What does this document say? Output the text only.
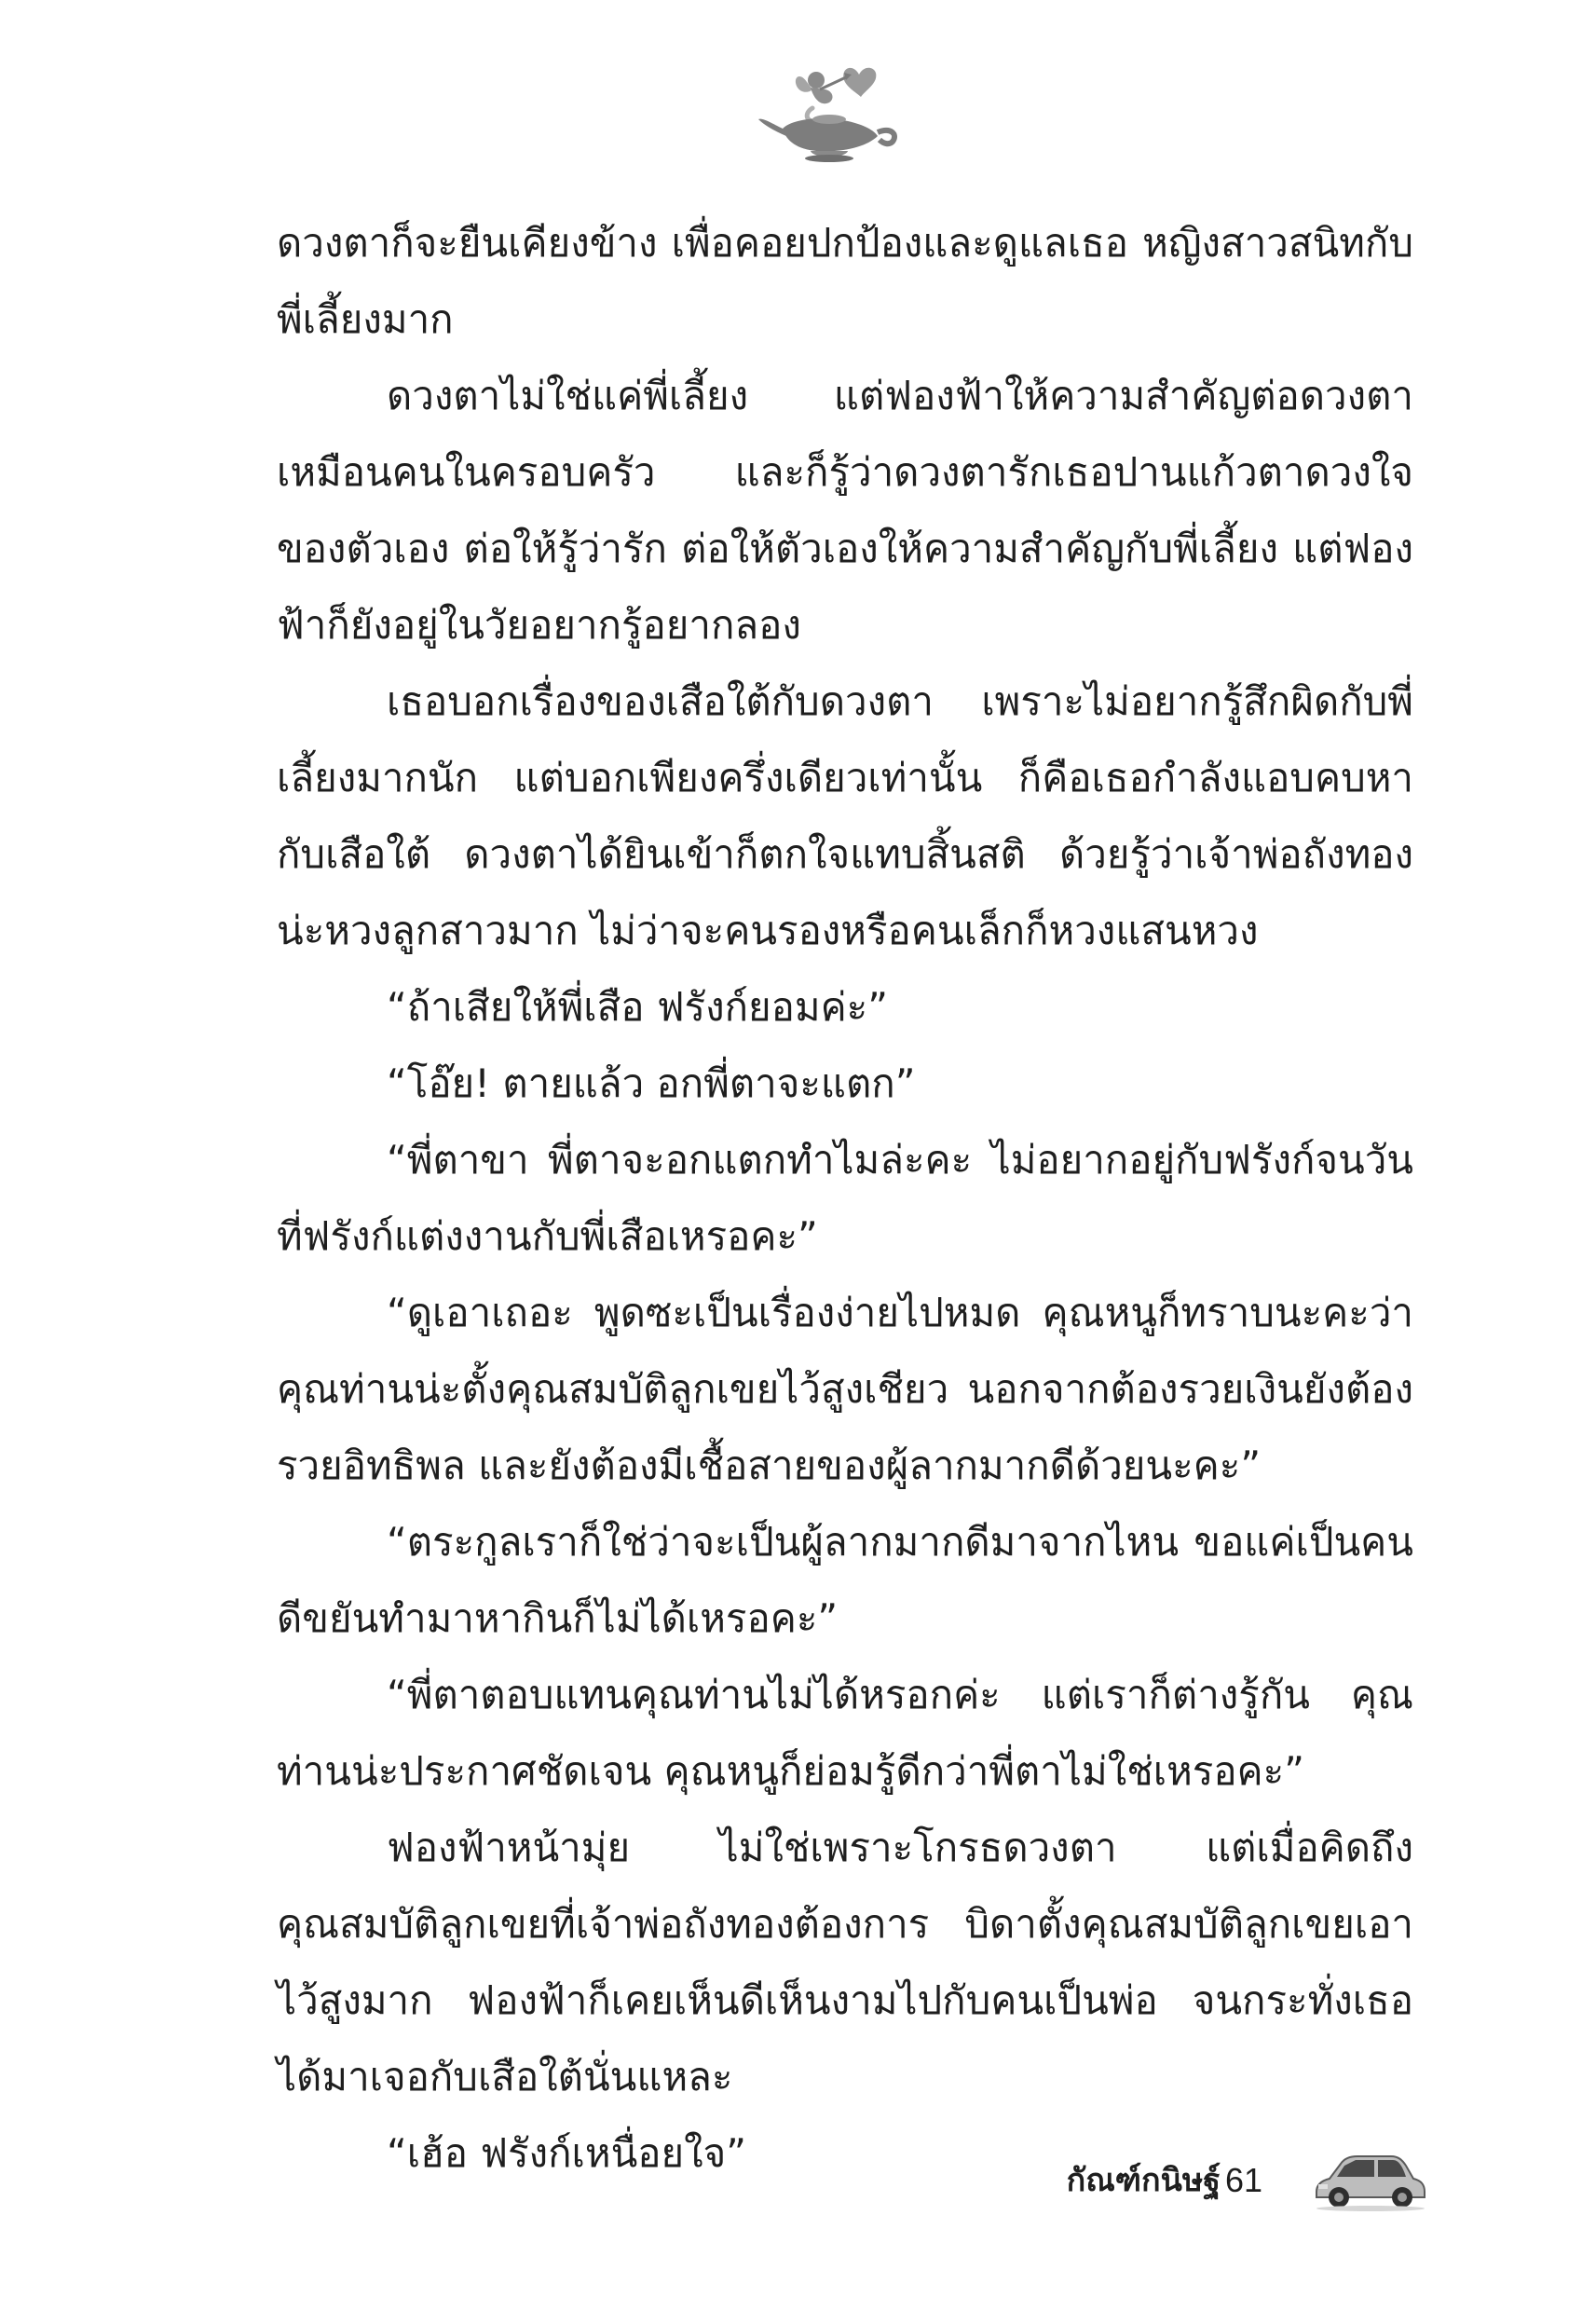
ดวงตาก็จะยืนเคียงข้าง เพื่อคอยปกป้องและดูแลเธอ หญิงสาวสนิทกับพี่เลี้ยงมาก

ดวงตาไม่ใช่แค่พี่เลี้ยง แต่ฟองฟ้าให้ความสำคัญต่อดวงตาเหมือนคนในครอบครัว และก็รู้ว่าดวงตารักเธอปานแก้วตาดวงใจของตัวเอง ต่อให้รู้ว่ารัก ต่อให้ตัวเองให้ความสำคัญกับพี่เลี้ยง แต่ฟองฟ้าก็ยังอยู่ในวัยอยากรู้อยากลอง

เธอบอกเรื่องของเสือใต้กับดวงตา เพราะไม่อยากรู้สึกผิดกับพี่เลี้ยงมากนัก แต่บอกเพียงครึ่งเดียวเท่านั้น ก็คือเธอกำลังแอบคบหากับเสือใต้ ดวงตาได้ยินเข้าก็ตกใจแทบสิ้นสติ ด้วยรู้ว่าเจ้าพ่อถังทองน่ะหวงลูกสาวมาก ไม่ว่าจะคนรองหรือคนเล็กก็หวงแสนหวง

“ถ้าเสียให้พี่เสือ ฟรังก์ยอมค่ะ”

“โอ๊ย! ตายแล้ว อกพี่ตาจะแตก”

“พี่ตาขา พี่ตาจะอกแตกทำไมล่ะคะ ไม่อยากอยู่กับฟรังก์จนวันที่ฟรังก์แต่งงานกับพี่เสือเหรอคะ”

“ดูเอาเถอะ พูดซะเป็นเรื่องง่ายไปหมด คุณหนูก็ทราบนะคะว่าคุณท่านน่ะตั้งคุณสมบัติลูกเขยไว้สูงเชียว นอกจากต้องรวยเงินยังต้องรวยอิทธิพล และยังต้องมีเชื้อสายของผู้ลากมากดีด้วยนะคะ”

“ตระกูลเราก็ใช่ว่าจะเป็นผู้ลากมากดีมาจากไหน ขอแค่เป็นคนดีขยันทำมาหากินก็ไม่ได้เหรอคะ”

“พี่ตาตอบแทนคุณท่านไม่ได้หรอกค่ะ แต่เราก็ต่างรู้กัน คุณท่านน่ะประกาศชัดเจน คุณหนูก็ย่อมรู้ดีกว่าพี่ตาไม่ใช่เหรอคะ”

ฟองฟ้าหน้ามุ่ย ไม่ใช่เพราะโกรธดวงตา แต่เมื่อคิดถึงคุณสมบัติลูกเขยที่เจ้าพ่อถังทองต้องการ บิดาตั้งคุณสมบัติลูกเขยเอาไว้สูงมาก ฟองฟ้าก็เคยเห็นดีเห็นงามไปกับคนเป็นพ่อ จนกระทั่งเธอได้มาเจอกับเสือใต้นั่นแหละ

“เฮ้อ ฟรังก์เหนื่อยใจ”

กัณฑ์กนิษฐ์ 61
